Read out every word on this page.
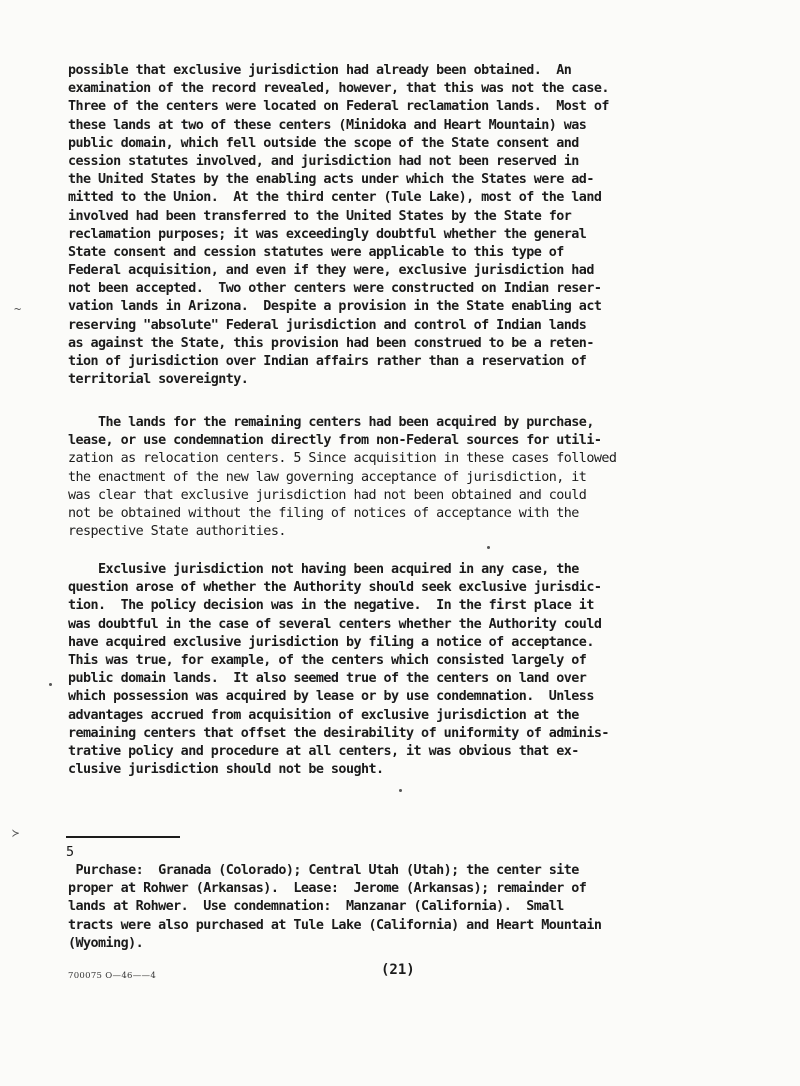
possible that exclusive jurisdiction had already been obtained.  An
examination of the record revealed, however, that this was not the case.
Three of the centers were located on Federal reclamation lands.  Most of
these lands at two of these centers (Minidoka and Heart Mountain) was
public domain, which fell outside the scope of the State consent and
cession statutes involved, and jurisdiction had not been reserved in
the United States by the enabling acts under which the States were ad-
mitted to the Union.  At the third center (Tule Lake), most of the land
involved had been transferred to the United States by the State for
reclamation purposes; it was exceedingly doubtful whether the general
State consent and cession statutes were applicable to this type of
Federal acquisition, and even if they were, exclusive jurisdiction had
not been accepted.  Two other centers were constructed on Indian reser-
vation lands in Arizona.  Despite a provision in the State enabling act
reserving "absolute" Federal jurisdiction and control of Indian lands
as against the State, this provision had been construed to be a reten-
tion of jurisdiction over Indian affairs rather than a reservation of
territorial sovereignty.
The lands for the remaining centers had been acquired by purchase,
lease, or use condemnation directly from non-Federal sources for utili-
zation as relocation centers. 5 Since acquisition in these cases followed
the enactment of the new law governing acceptance of jurisdiction, it
was clear that exclusive jurisdiction had not been obtained and could
not be obtained without the filing of notices of acceptance with the
respective State authorities.
Exclusive jurisdiction not having been acquired in any case, the
question arose of whether the Authority should seek exclusive jurisdic-
tion.  The policy decision was in the negative.  In the first place it
was doubtful in the case of several centers whether the Authority could
have acquired exclusive jurisdiction by filing a notice of acceptance.
This was true, for example, of the centers which consisted largely of
public domain lands.  It also seemed true of the centers on land over
which possession was acquired by lease or by use condemnation.  Unless
advantages accrued from acquisition of exclusive jurisdiction at the
remaining centers that offset the desirability of uniformity of adminis-
trative policy and procedure at all centers, it was obvious that ex-
clusive jurisdiction should not be sought.
5
Purchase:  Granada (Colorado); Central Utah (Utah); the center site
proper at Rohwer (Arkansas).  Lease:  Jerome (Arkansas); remainder of
lands at Rohwer.  Use condemnation:  Manzanar (California).  Small
tracts were also purchased at Tule Lake (California) and Heart Mountain
(Wyoming).
700075 O—46——4	(21)
~
≻
